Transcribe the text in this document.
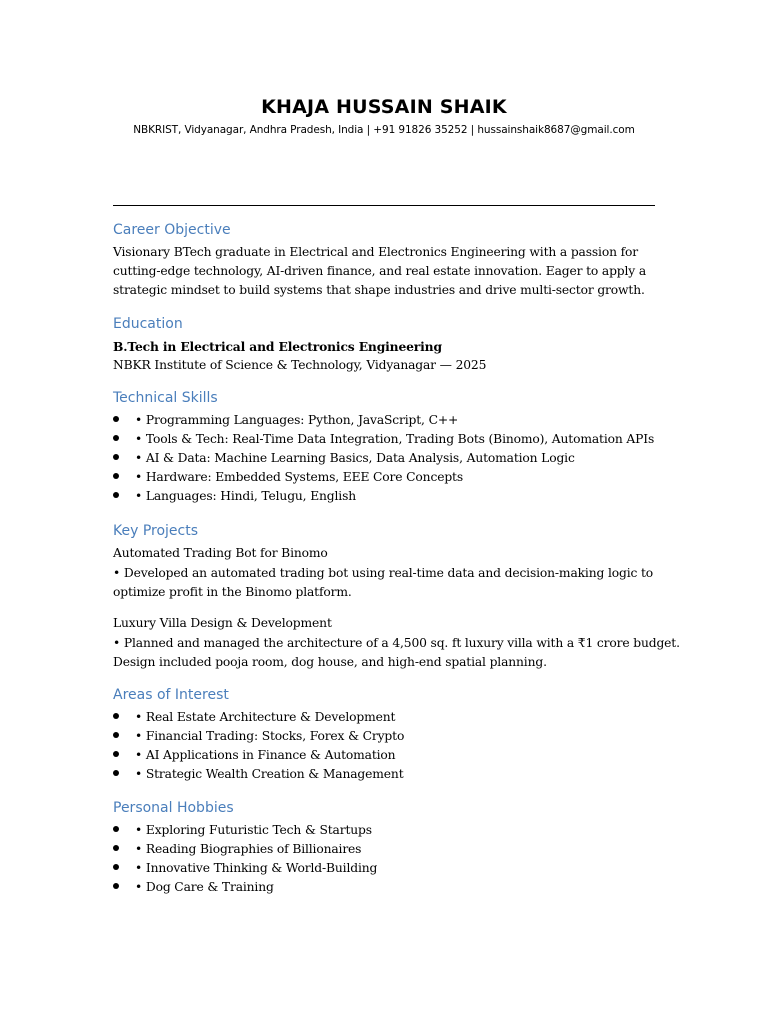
KHAJA HUSSAIN SHAIK
NBKRIST, Vidyanagar, Andhra Pradesh, India | +91 91826 35252 | hussainshaik8687@gmail.com
Career Objective
Visionary BTech graduate in Electrical and Electronics Engineering with a passion for
cutting-edge technology, AI-driven finance, and real estate innovation. Eager to apply a
strategic mindset to build systems that shape industries and drive multi-sector growth.
Education
B.Tech in Electrical and Electronics Engineering
NBKR Institute of Science & Technology, Vidyanagar — 2025
Technical Skills
• Programming Languages: Python, JavaScript, C++
• Tools & Tech: Real-Time Data Integration, Trading Bots (Binomo), Automation APIs
• AI & Data: Machine Learning Basics, Data Analysis, Automation Logic
• Hardware: Embedded Systems, EEE Core Concepts
• Languages: Hindi, Telugu, English
Key Projects
Automated Trading Bot for Binomo
• Developed an automated trading bot using real-time data and decision-making logic to
optimize profit in the Binomo platform.
Luxury Villa Design & Development
• Planned and managed the architecture of a 4,500 sq. ft luxury villa with a ₹1 crore budget.
Design included pooja room, dog house, and high-end spatial planning.
Areas of Interest
• Real Estate Architecture & Development
• Financial Trading: Stocks, Forex & Crypto
• AI Applications in Finance & Automation
• Strategic Wealth Creation & Management
Personal Hobbies
• Exploring Futuristic Tech & Startups
• Reading Biographies of Billionaires
• Innovative Thinking & World-Building
• Dog Care & Training
